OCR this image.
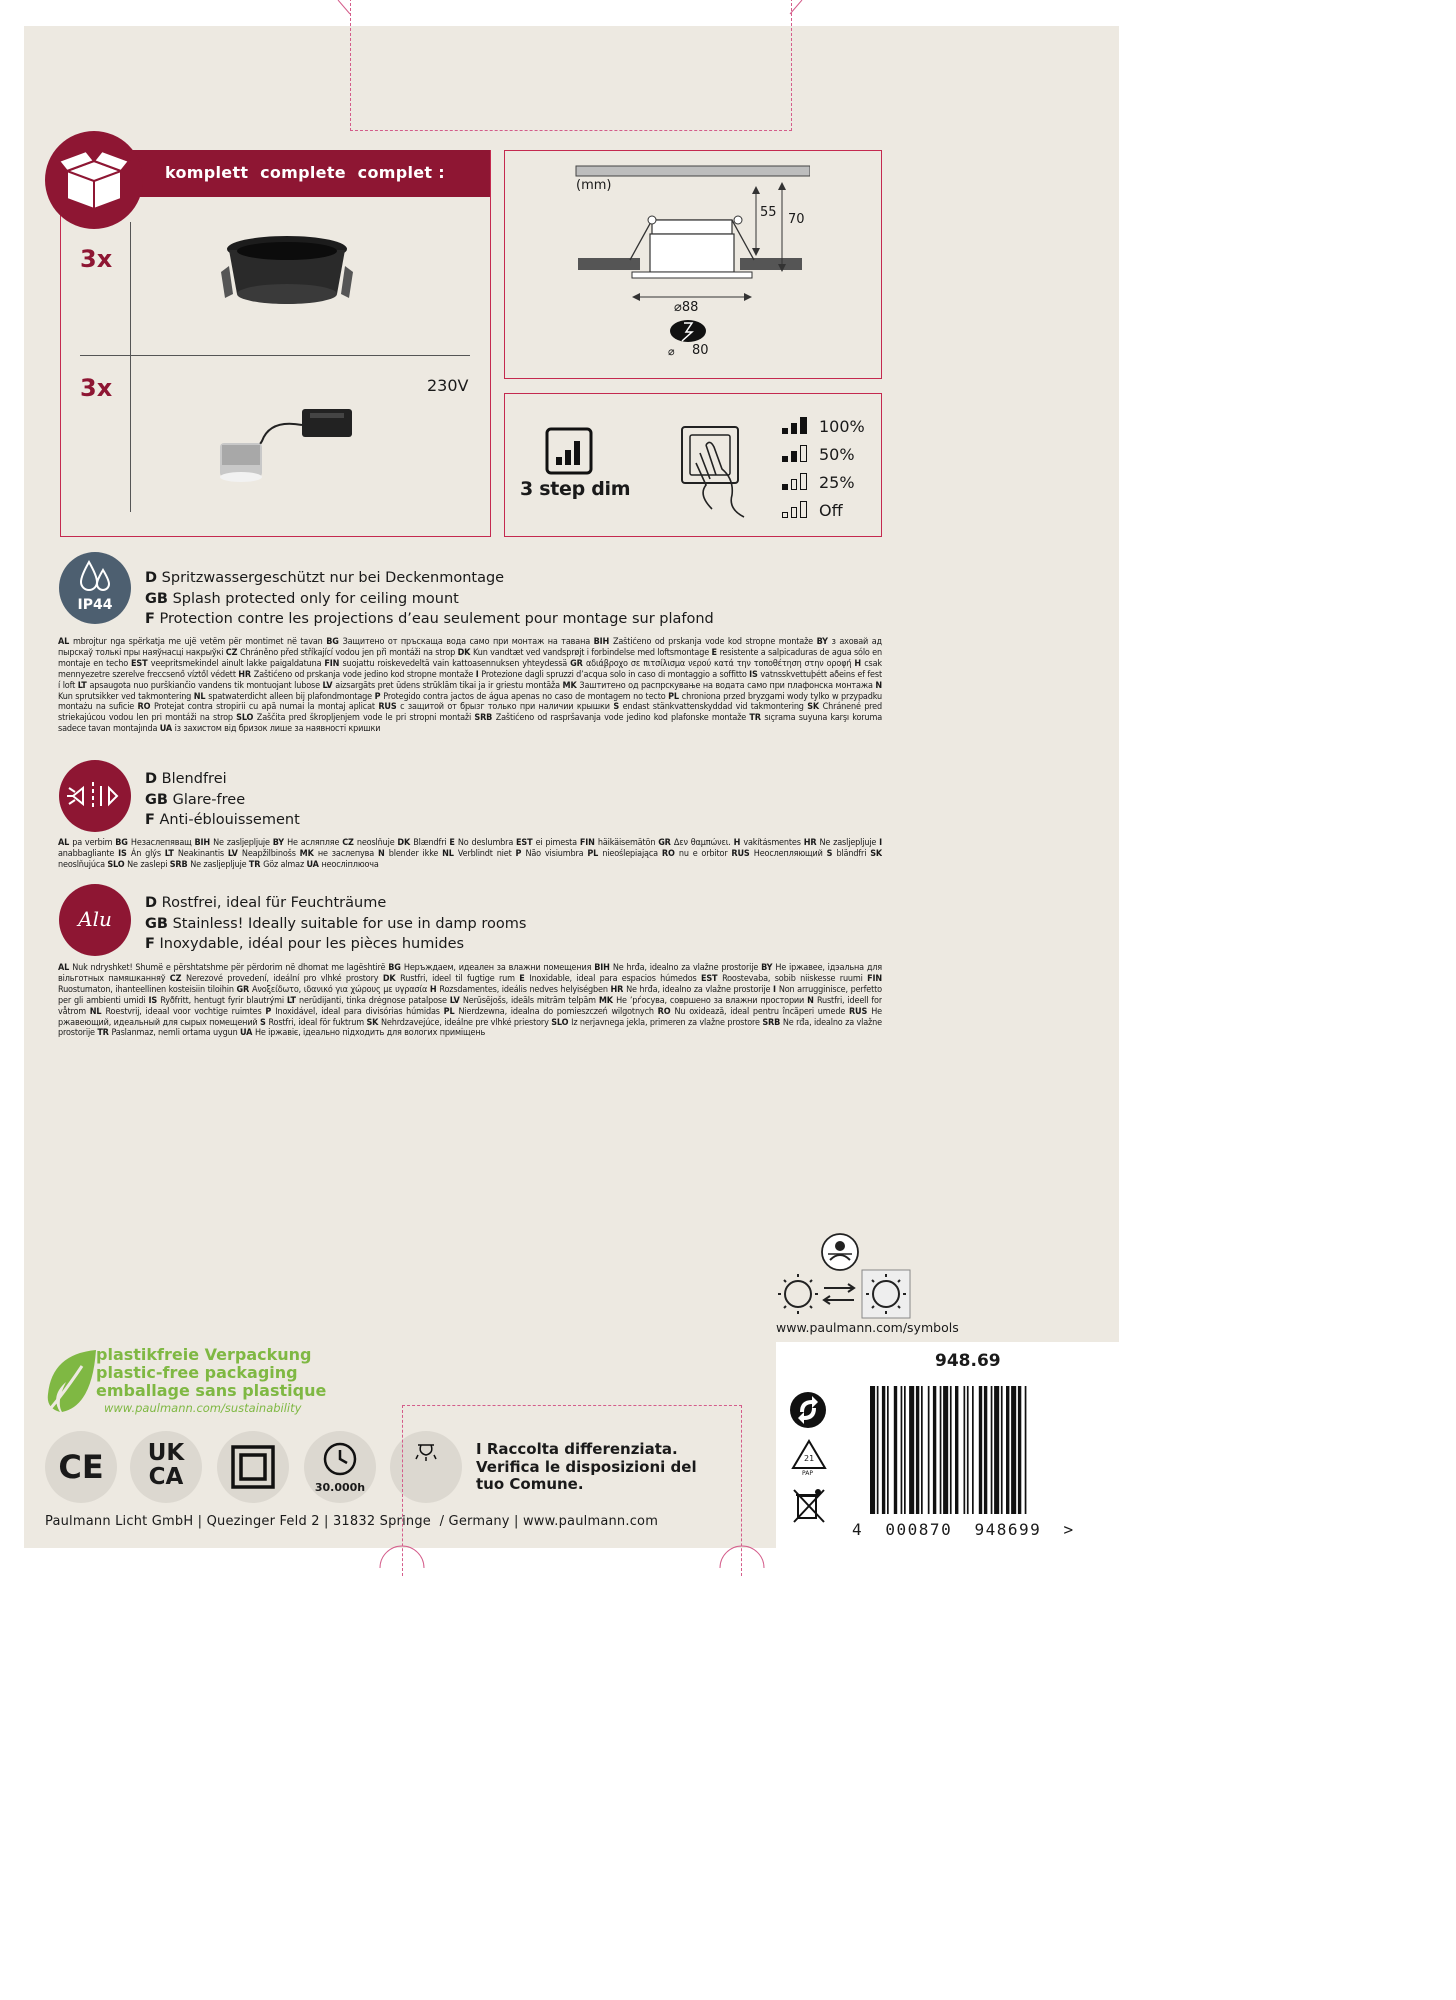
komplett  complete  complet :
3x
3x	230V
(mm)
55 70
⌀88
⌀ 80
3 step dim
100%
50%
25%
Off
IP44
D Spritzwassergeschützt nur bei Deckenmontage
GB Splash protected only for ceiling mount
F Protection contre les projections d’eau seulement pour montage sur plafond
AL mbrojtur nga spërkatja me ujë vetëm për montimet në tavan BG Защитено от пръскаща вода само при монтаж на тавана BIH Zaštićeno od prskanja vode kod stropne montaže BY з аховай ад пырскаў толькі пры наяўнасці накрыўкі CZ Chráněno před stříkající vodou jen při montáži na strop DK Kun vandtæt ved vandsprøjt i forbindelse med loftsmontage E resistente a salpicaduras de agua sólo en montaje en techo EST veepritsmekindel ainult lakke paigaldatuna FIN suojattu roiskevedeltä vain kattoasennuksen yhteydessä GR αδιάβροχο σε πιτσίλισμα νερού κατά την τοποθέτηση στην οροφή H csak mennyezetre szerelve freccsenő víztől védett HR Zaštićeno od prskanja vode jedino kod stropne montaže I Protezione dagli spruzzi d’acqua solo in caso di montaggio a soffitto IS vatnsskvettuþétt aðeins ef fest í loft LT apsaugota nuo purškiančio vandens tik montuojant lubose LV aizsargāts pret ūdens strūklām tikai ja ir griestu montāža MK Заштитено од распрскување на водата само при плафонска монтажа N Kun sprutsikker ved takmontering NL spatwaterdicht alleen bij plafondmontage P Protegido contra jactos de água apenas no caso de montagem no tecto PL chroniona przed bryzgami wody tylko w przypadku montażu na suficie RO Protejat contra stropirii cu apă numai la montaj aplicat RUS с защитой от брызг только при наличии крышки S endast stänkvattenskyddad vid takmontering SK Chránené pred striekajúcou vodou len pri montáži na strop SLO Zaščita pred škropljenjem vode le pri stropni montaži SRB Zaštićeno od raspršavanja vode jedino kod plafonske montaže TR sıçrama suyuna karşı koruma sadece tavan montajında UA із захистом від бризок лише за наявності кришки
D Blendfrei
GB Glare-free
F Anti-éblouissement
AL pa verbim BG Незаслепяващ BIH Ne zasljepljuje BY Не асляпляе CZ neoslňuje DK Blændfri E No deslumbra EST ei pimesta FIN häikäisemätön GR Δεν θαμπώνει. H vakításmentes HR Ne zasljepljuje I anabbagliante IS Án glýs LT Neakinantis LV Neapžilbinošs MK не заслепува N blender ikke NL Verblindt niet P Não visiumbra PL nieoślepiająca RO nu e orbitor RUS Неослепляющий S bländfri SK neoslňujúca SLO Ne zaslepi SRB Ne zasljepljuje TR Göz almaz UA неосліплюоча
Alu
D Rostfrei, ideal für Feuchträume
GB Stainless! Ideally suitable for use in damp rooms
F Inoxydable, idéal pour les pièces humides
AL Nuk ndryshket! Shumë e përshtatshme për përdorim në dhomat me lagështirë BG Неръждаем, идеален за влажни помещения BIH Ne hrđa, idealno za vlažne prostorije BY Не іржавее, ідэальна для вільготных памяшканняў CZ Nerezové provedení, ideální pro vlhké prostory DK Rustfri, ideel til fugtige rum E Inoxidable, ideal para espacios húmedos EST Roostevaba, sobib niiskesse ruumi FIN Ruostumaton, ihanteellinen kosteisiin tiloihin GR Ανοξείδωτο, ιδανικό για χώρους με υγρασία H Rozsdamentes, ideális nedves helyiségben HR Ne hrđa, idealno za vlažne prostorije I Non arrugginisce, perfetto per gli ambienti umidi IS Ryðfritt, hentugt fyrir blautrými LT nerūdijanti, tinka drėgnose patalpose LV Nerūsējošs, ideāls mitrām telpām MK Не ’рѓосува, совршено за влажни простории N Rustfri, ideell for våtrom NL Roestvrij, ideaal voor vochtige ruimtes P Inoxidável, ideal para divisórias húmidas PL Nierdzewna, idealna do pomieszczeń wilgotnych RO Nu oxidează, ideal pentru încăperi umede RUS Не ржавеющий, идеальный для сырых помещений S Rostfri, ideal för fuktrum SK Nehrdzavejúce, ideálne pre vlhké priestory SLO Iz nerjavnega jekla, primeren za vlažne prostore SRB Ne rđa, idealno za vlažne prostorije TR Paslanmaz, nemli ortama uygun UA Не іржавіє, ідеально підходить для вологих приміщень
www.paulmann.com/symbols
948.69
21
PAP
4  000870  948699  >
plastikfreie Verpackung
plastic-free packaging
emballage sans plastique
www.paulmann.com/sustainability
CE	UK
CA	30.000h
I Raccolta differenziata.
Verifica le disposizioni del
tuo Comune.
Paulmann Licht GmbH | Quezinger Feld 2 | 31832 Springe  / Germany | www.paulmann.com
